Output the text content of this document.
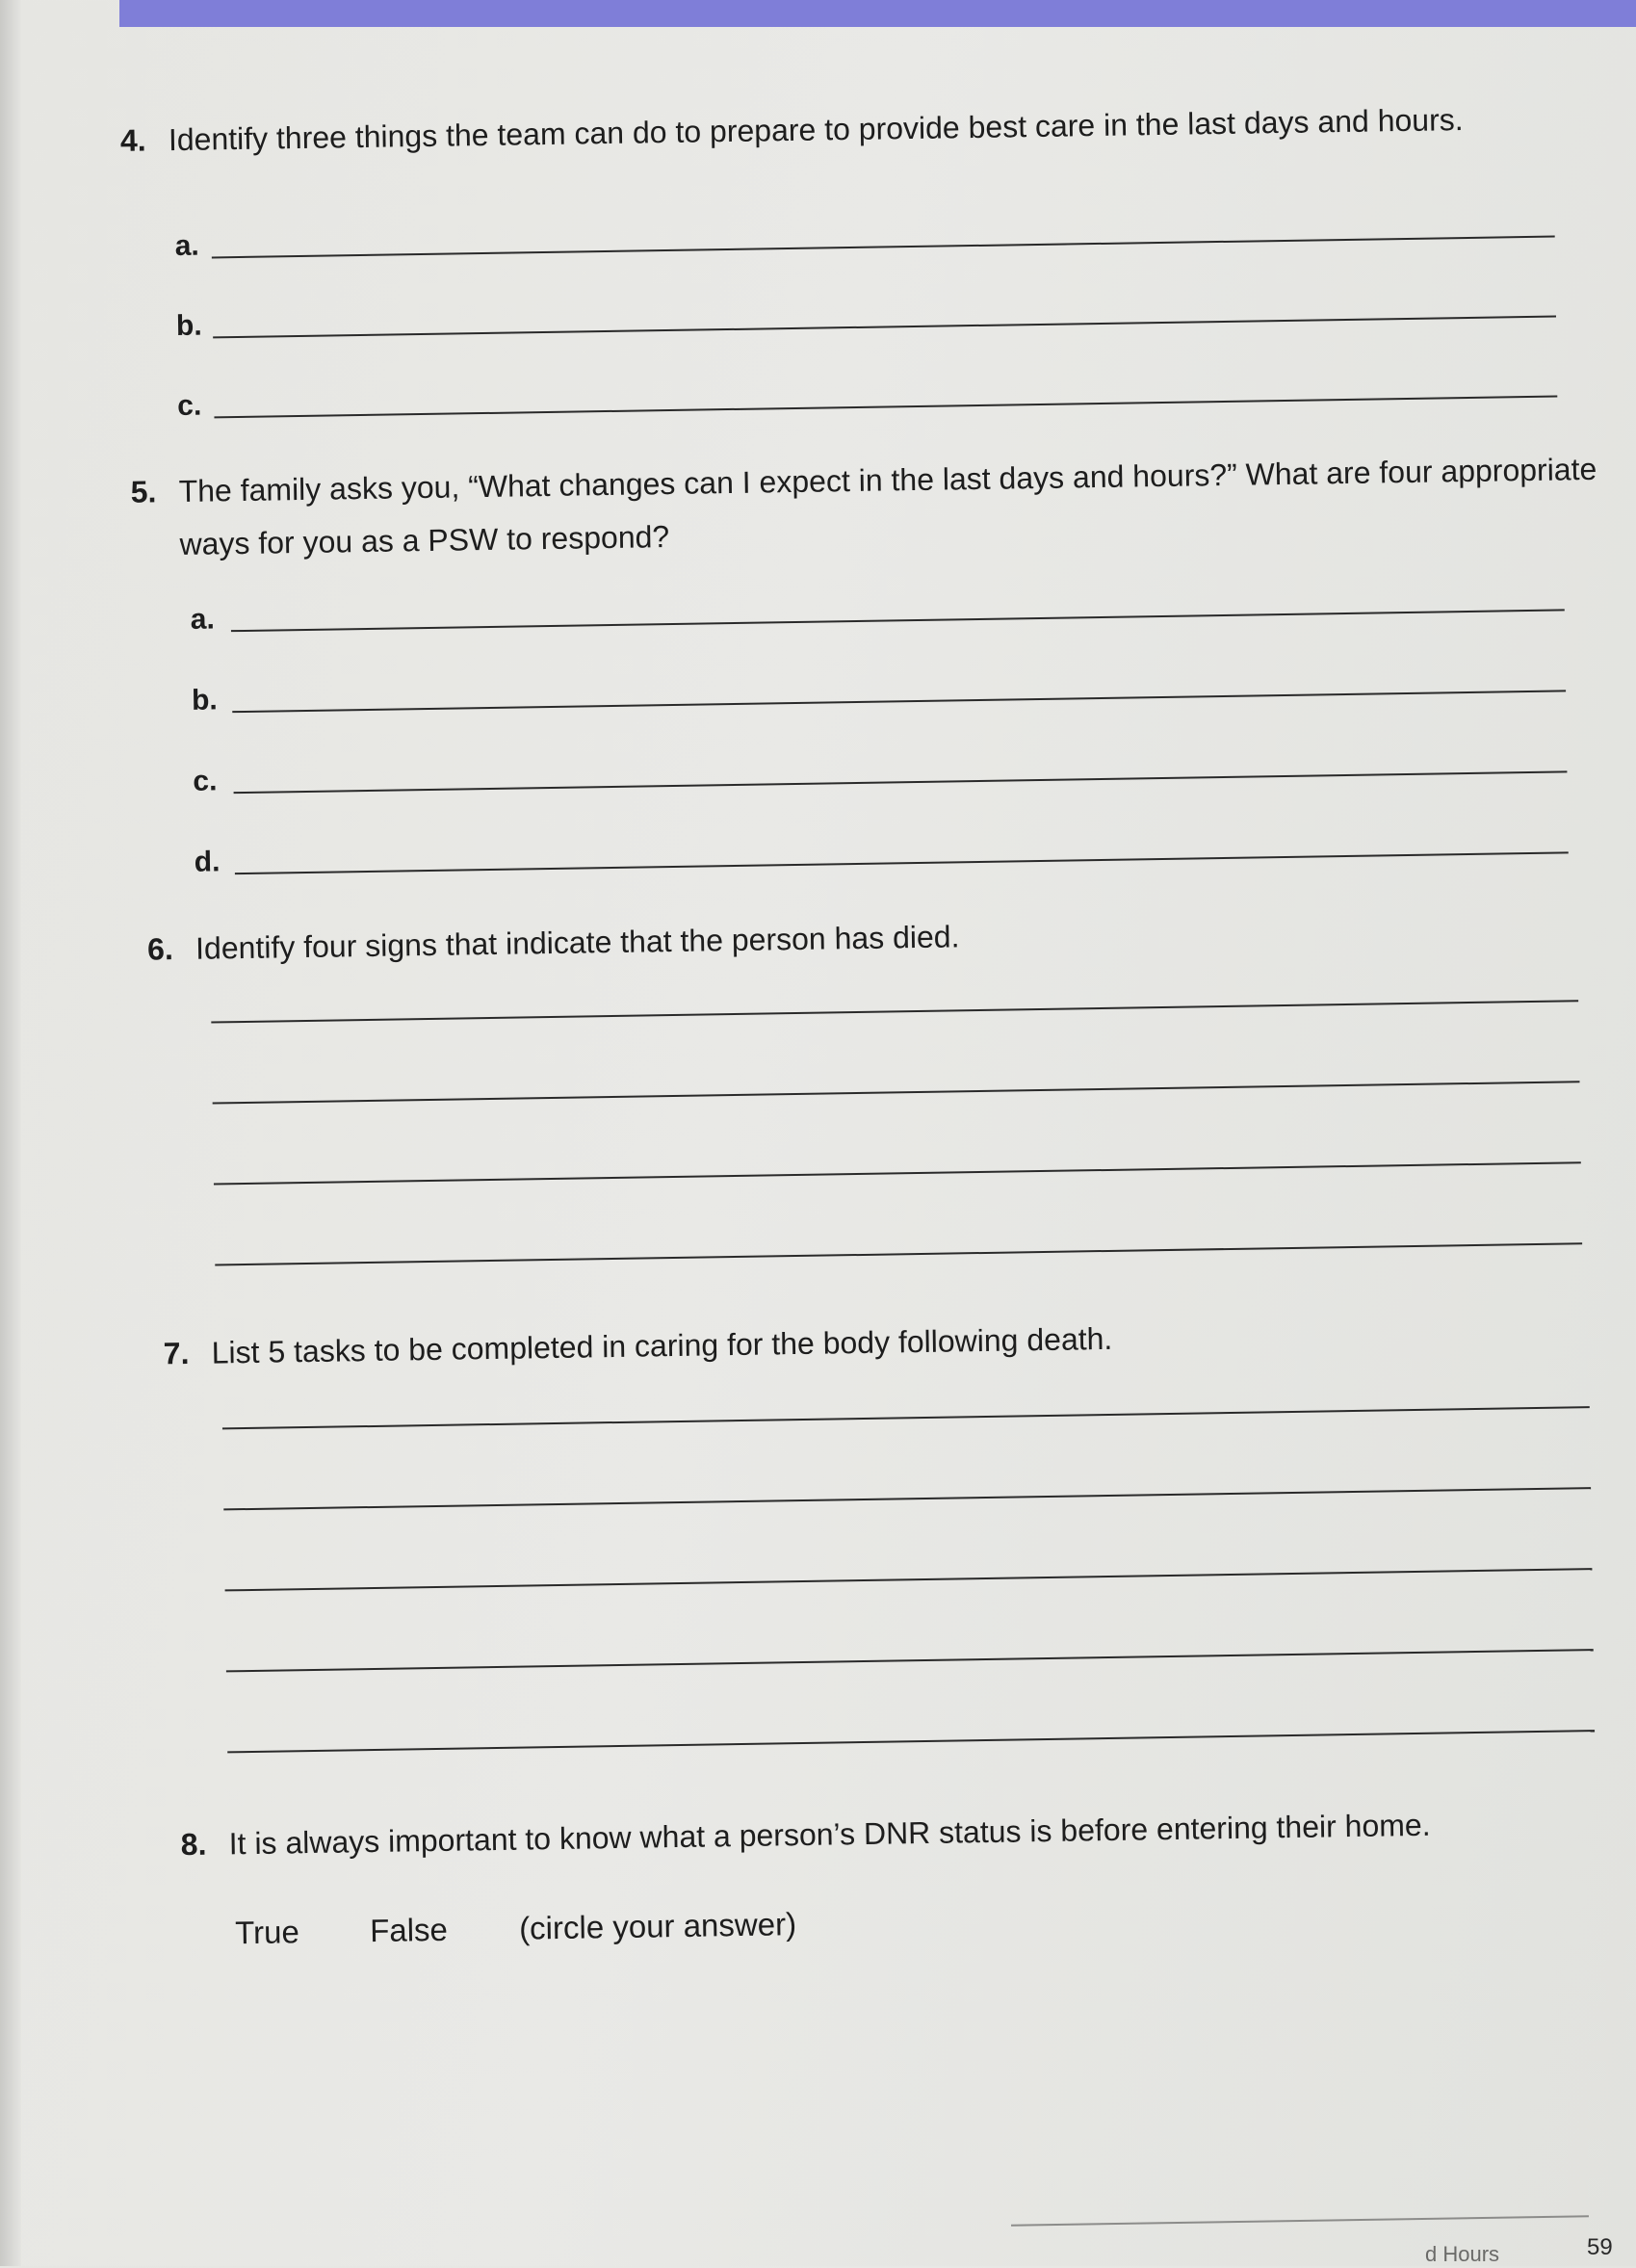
4. Identify three things the team can do to prepare to provide best care in the last days and hours.
a.
b.
c.
5. The family asks you, “What changes can I expect in the last days and hours?” What are four appropriate
ways for you as a PSW to respond?
a.
b.
c.
d.
6. Identify four signs that indicate that the person has died.
7. List 5 tasks to be completed in caring for the body following death.
8. It is always important to know what a person’s DNR status is before entering their home.
True False (circle your answer)
d Hours	59
